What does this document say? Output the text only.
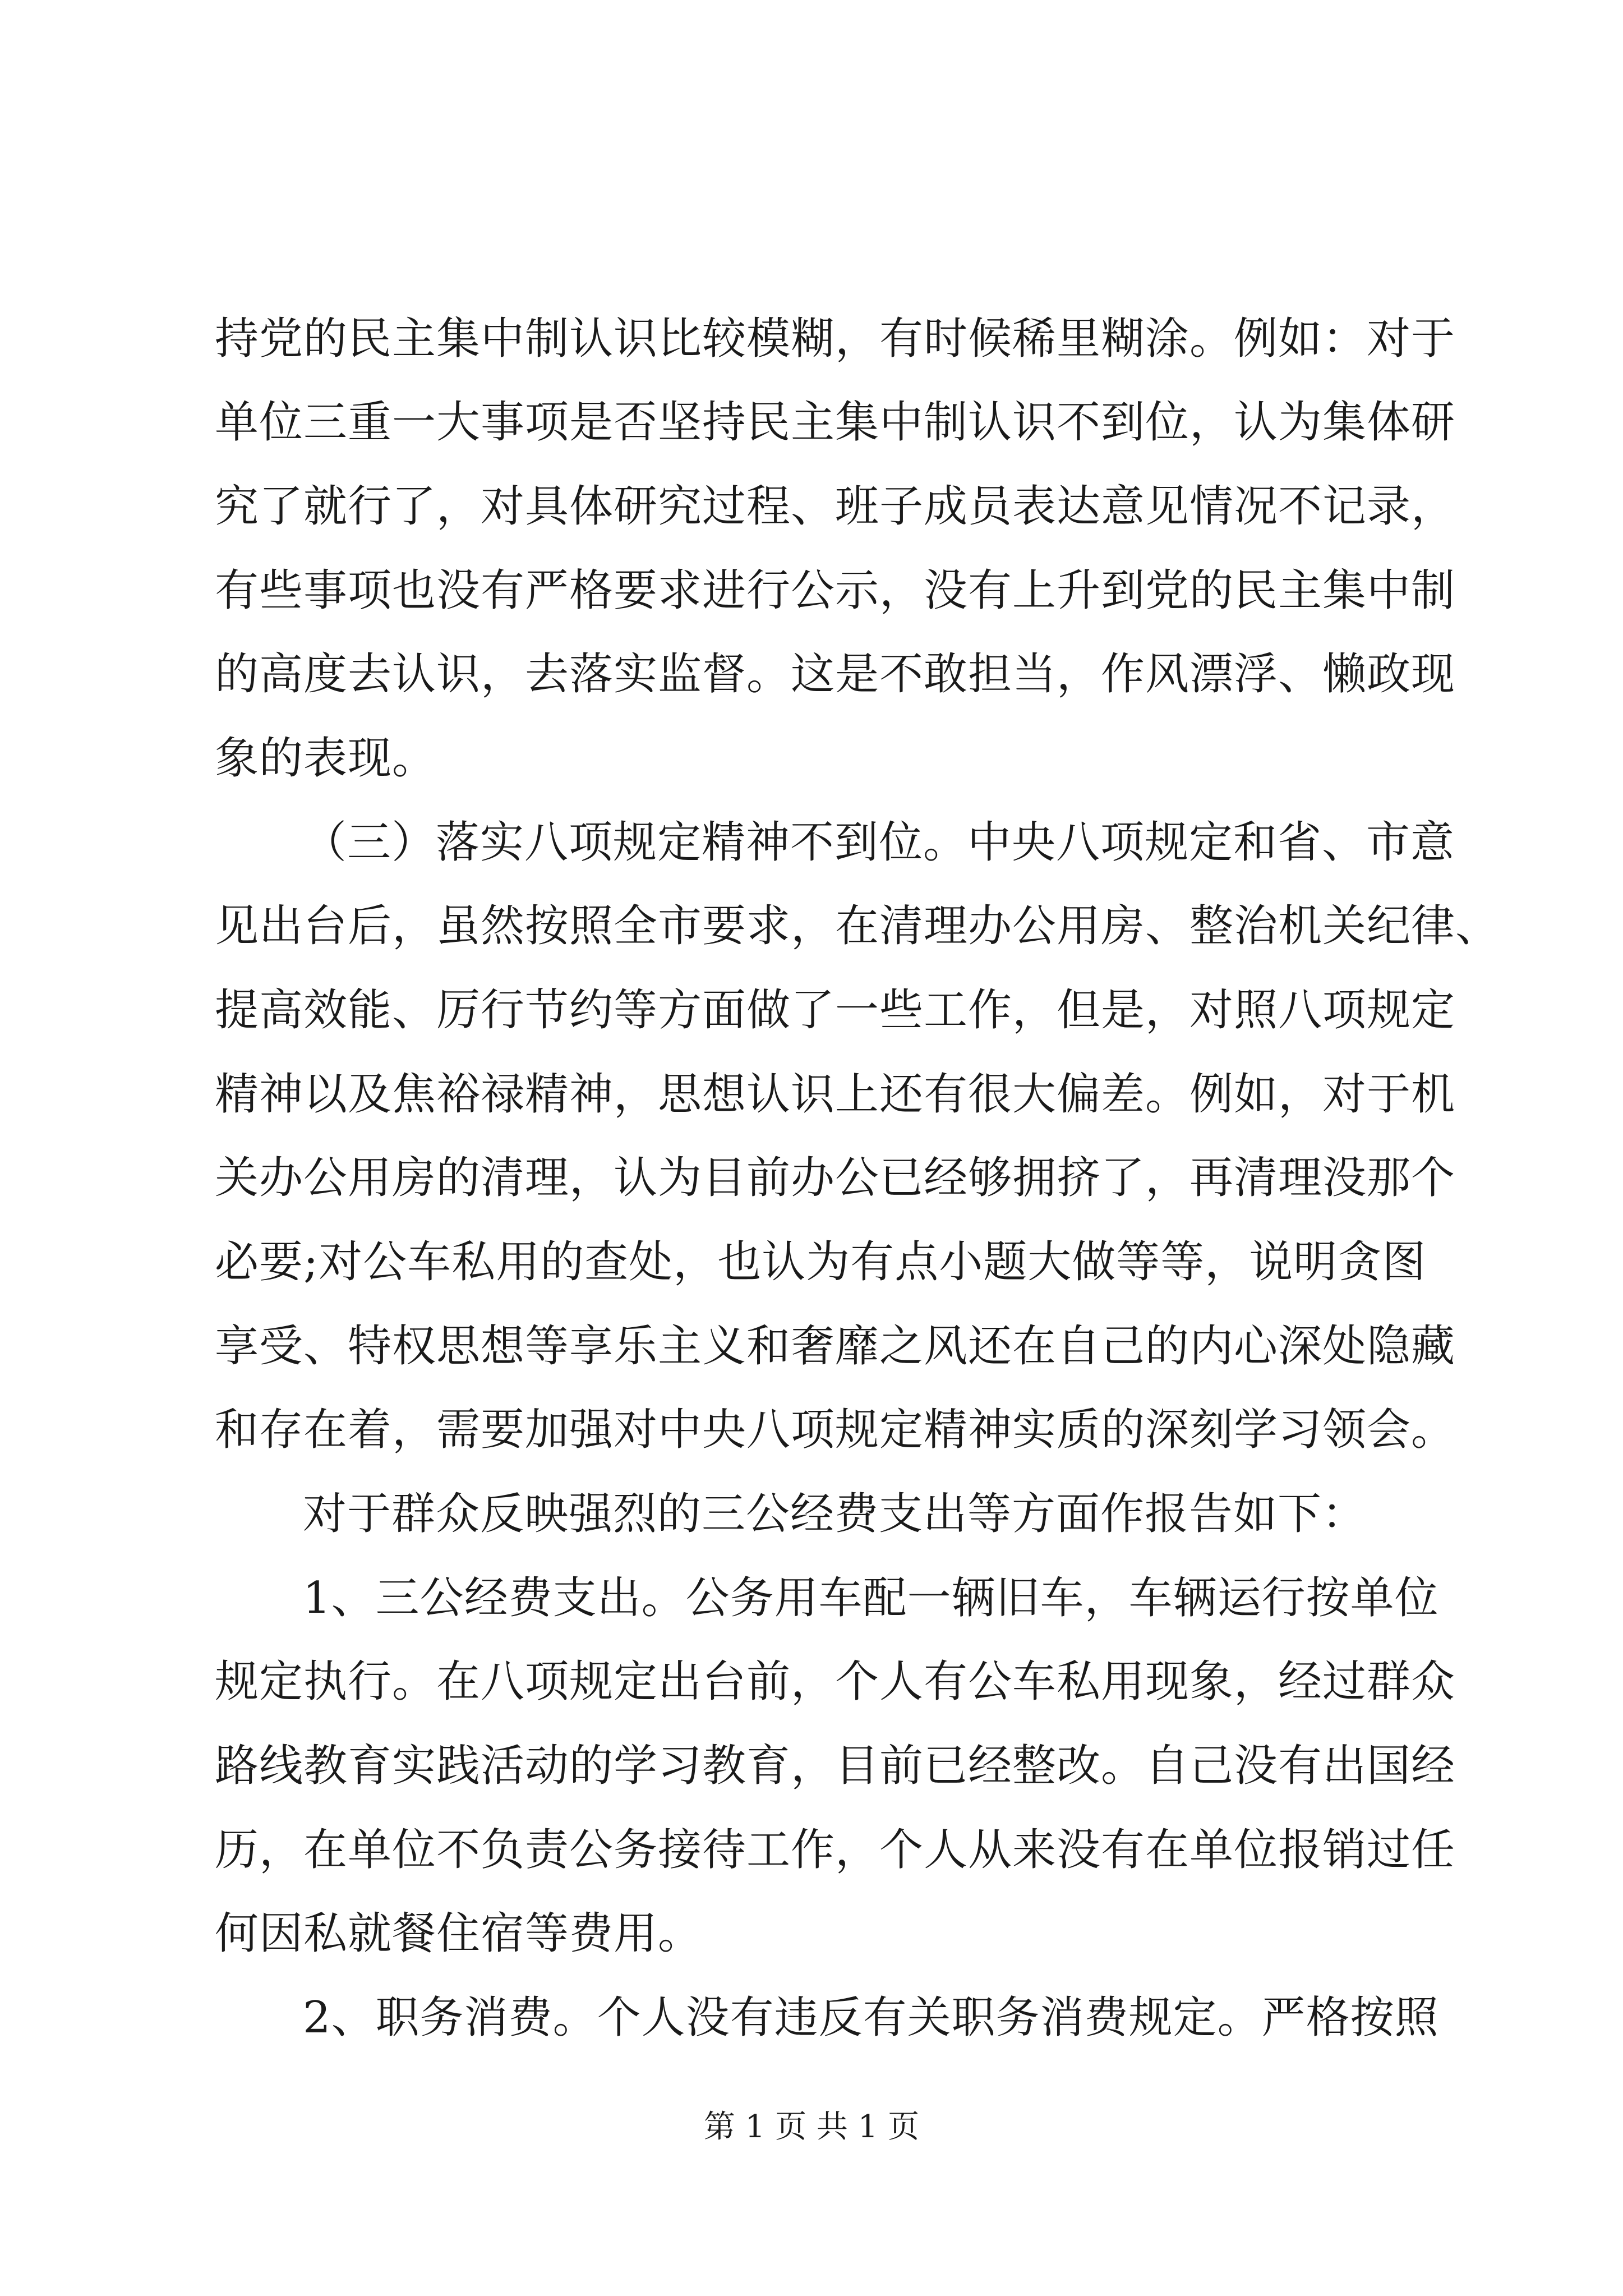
持党的民主集中制认识比较模糊，有时候稀里糊涂。例如：对于
单位三重一大事项是否坚持民主集中制认识不到位，认为集体研
究了就行了，对具体研究过程、班子成员表达意见情况不记录，
有些事项也没有严格要求进行公示，没有上升到党的民主集中制
的高度去认识，去落实监督。这是不敢担当，作风漂浮、懒政现
象的表现。
（三）落实八项规定精神不到位。中央八项规定和省、市意
见出台后，虽然按照全市要求，在清理办公用房、整治机关纪律、
提高效能、厉行节约等方面做了一些工作，但是，对照八项规定
精神以及焦裕禄精神，思想认识上还有很大偏差。例如，对于机
关办公用房的清理，认为目前办公已经够拥挤了，再清理没那个
必要;对公车私用的查处，也认为有点小题大做等等，说明贪图
享受、特权思想等享乐主义和奢靡之风还在自己的内心深处隐藏
和存在着，需要加强对中央八项规定精神实质的深刻学习领会。
对于群众反映强烈的三公经费支出等方面作报告如下：
1、三公经费支出。公务用车配一辆旧车，车辆运行按单位
规定执行。在八项规定出台前，个人有公车私用现象，经过群众
路线教育实践活动的学习教育，目前已经整改。自己没有出国经
历，在单位不负责公务接待工作，个人从来没有在单位报销过任
何因私就餐住宿等费用。
2、职务消费。个人没有违反有关职务消费规定。严格按照
第 1 页 共 1 页
